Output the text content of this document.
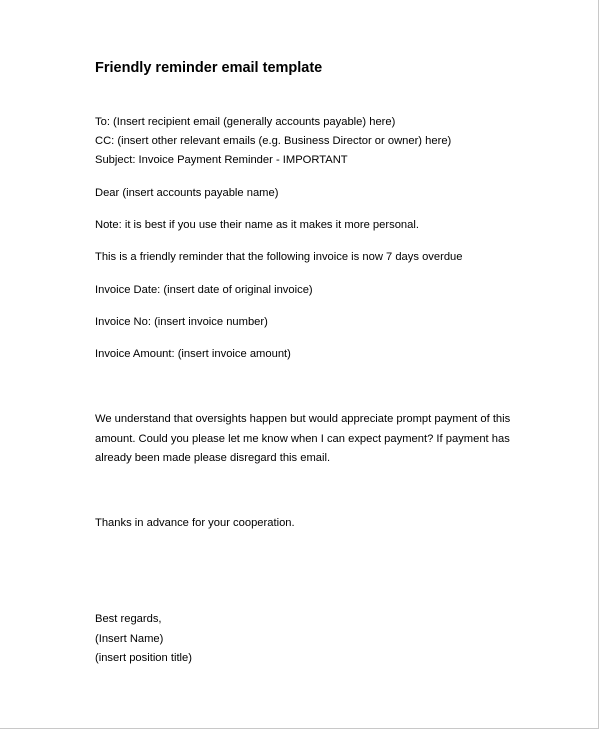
Friendly reminder email template
To: (Insert recipient email (generally accounts payable) here)
CC: (insert other relevant emails (e.g. Business Director or owner) here)
Subject: Invoice Payment Reminder - IMPORTANT
Dear (insert accounts payable name)
Note: it is best if you use their name as it makes it more personal.
This is a friendly reminder that the following invoice is now 7 days overdue
Invoice Date: (insert date of original invoice)
Invoice No: (insert invoice number)
Invoice Amount: (insert invoice amount)
We understand that oversights happen but would appreciate prompt payment of this
amount. Could you please let me know when I can expect payment? If payment has
already been made please disregard this email.
Thanks in advance for your cooperation.
Best regards,
(Insert Name)
(insert position title)
